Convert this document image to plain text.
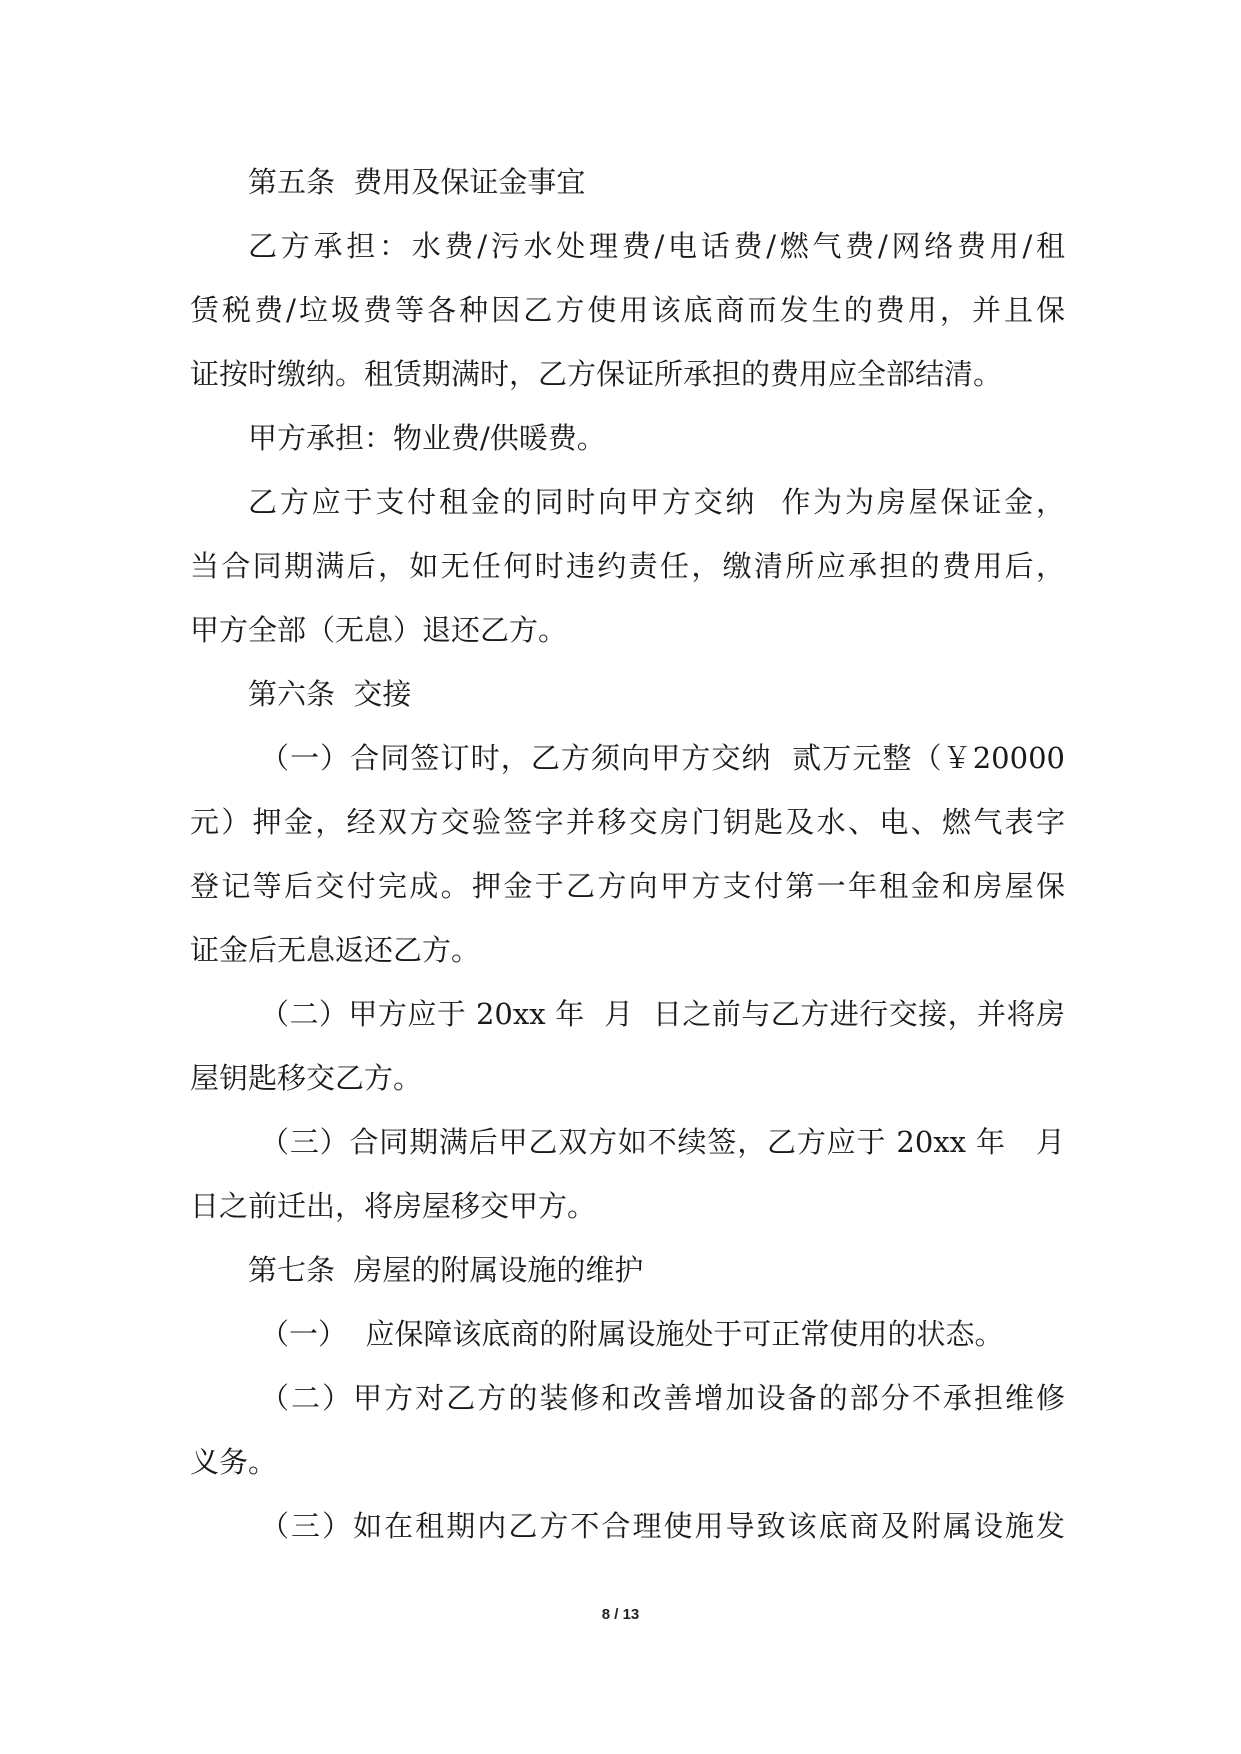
第五条  费用及保证金事宜
乙方承担：水费/污水处理费/电话费/燃气费/网络费用/租
赁税费/垃圾费等各种因乙方使用该底商而发生的费用，并且保
证按时缴纳。租赁期满时，乙方保证所承担的费用应全部结清。
甲方承担：物业费/供暖费。
乙方应于支付租金的同时向甲方交纳  作为为房屋保证金，
当合同期满后，如无任何时违约责任，缴清所应承担的费用后，
甲方全部（无息）退还乙方。
第六条  交接
（一）合同签订时，乙方须向甲方交纳  贰万元整（￥20000
元）押金，经双方交验签字并移交房门钥匙及水、电、燃气表字
登记等后交付完成。押金于乙方向甲方支付第一年租金和房屋保
证金后无息返还乙方。
（二）甲方应于 20xx 年  月  日之前与乙方进行交接，并将房
屋钥匙移交乙方。
（三）合同期满后甲乙双方如不续签，乙方应于 20xx 年   月
日之前迁出，将房屋移交甲方。
第七条  房屋的附属设施的维护
（一）  应保障该底商的附属设施处于可正常使用的状态。
（二）甲方对乙方的装修和改善增加设备的部分不承担维修
义务。
（三）如在租期内乙方不合理使用导致该底商及附属设施发
8 / 13
